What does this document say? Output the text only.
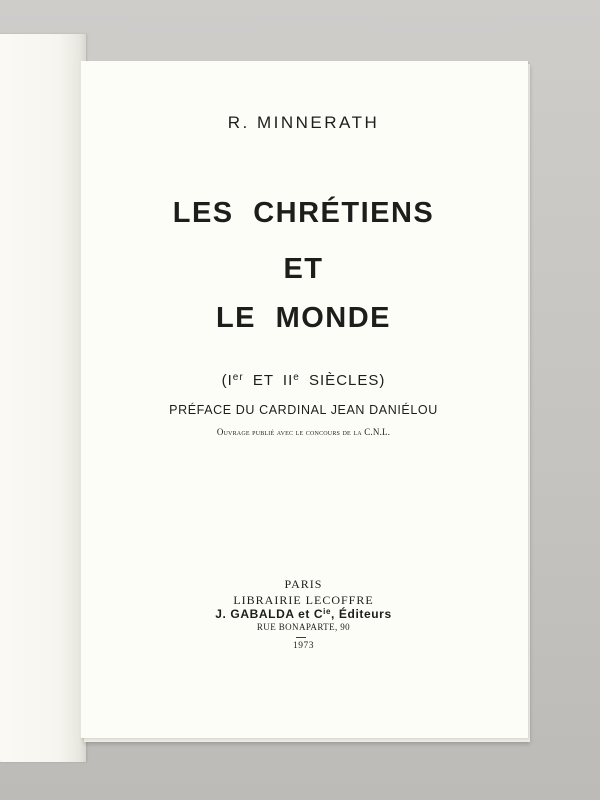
R. MINNERATH

LES CHRÉTIENS

ET

LE MONDE

(Ier ET IIe SIÈCLES)

PRÉFACE DU CARDINAL JEAN DANIÉLOU

Ouvrage publié avec le concours de la C.N.L.

PARIS

LIBRAIRIE LECOFFRE

J. GABALDA et $C^{ie}$, Éditeurs

RUE BONAPARTE, 90

1973
